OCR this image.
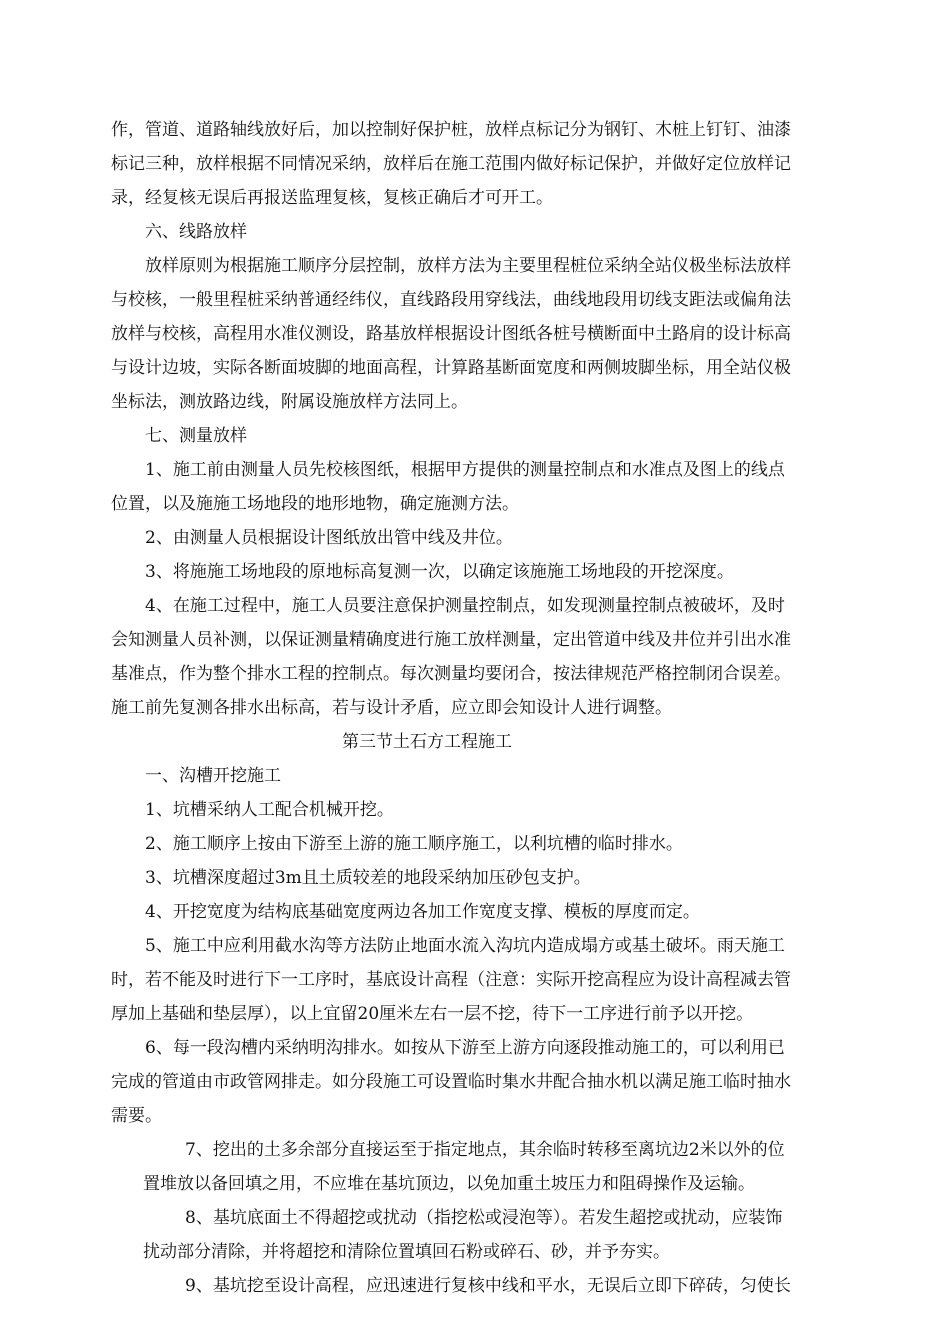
作，管道、道路轴线放好后，加以控制好保护桩，放样点标记分为钢钉、木桩上钉钉、油漆
标记三种，放样根据不同情况采纳，放样后在施工范围内做好标记保护，并做好定位放样记
录，经复核无误后再报送监理复核，复核正确后才可开工。
六、线路放样
放样原则为根据施工顺序分层控制，放样方法为主要里程桩位采纳全站仪极坐标法放样
与校核，一般里程桩采纳普通经纬仪，直线路段用穿线法，曲线地段用切线支距法或偏角法
放样与校核，高程用水准仪测设，路基放样根据设计图纸各桩号横断面中土路肩的设计标高
与设计边坡，实际各断面坡脚的地面高程，计算路基断面宽度和两侧坡脚坐标，用全站仪极
坐标法，测放路边线，附属设施放样方法同上。
七、测量放样
1、施工前由测量人员先校核图纸，根据甲方提供的测量控制点和水准点及图上的线点
位置，以及施施工场地段的地形地物，确定施测方法。
2、由测量人员根据设计图纸放出管中线及井位。
3、将施施工场地段的原地标高复测一次，以确定该施施工场地段的开挖深度。
4、在施工过程中，施工人员要注意保护测量控制点，如发现测量控制点被破坏，及时
会知测量人员补测，以保证测量精确度进行施工放样测量，定出管道中线及井位并引出水准
基准点，作为整个排水工程的控制点。每次测量均要闭合，按法律规范严格控制闭合误差。
施工前先复测各排水出标高，若与设计矛盾，应立即会知设计人进行调整。
第三节土石方工程施工
一、沟槽开挖施工
1、坑槽采纳人工配合机械开挖。
2、施工顺序上按由下游至上游的施工顺序施工，以利坑槽的临时排水。
3、坑槽深度超过3m且土质较差的地段采纳加压砂包支护。
4、开挖宽度为结构底基础宽度两边各加工作宽度支撑、模板的厚度而定。
5、施工中应利用截水沟等方法防止地面水流入沟坑内造成塌方或基土破坏。雨天施工
时，若不能及时进行下一工序时，基底设计高程（注意：实际开挖高程应为设计高程减去管
厚加上基础和垫层厚），以上宜留20厘米左右一层不挖，待下一工序进行前予以开挖。
6、每一段沟槽内采纳明沟排水。如按从下游至上游方向逐段推动施工的，可以利用已
完成的管道由市政管网排走。如分段施工可设置临时集水井配合抽水机以满足施工临时抽水
需要。
7、挖出的土多余部分直接运至于指定地点，其余临时转移至离坑边2米以外的位
置堆放以备回填之用，不应堆在基坑顶边，以免加重土坡压力和阻碍操作及运输。
8、基坑底面土不得超挖或扰动（指挖松或浸泡等）。若发生超挖或扰动，应装饰
扰动部分清除，并将超挖和清除位置填回石粉或碎石、砂，并予夯实。
9、基坑挖至设计高程，应迅速进行复核中线和平水，无误后立即下碎砖，匀使长
